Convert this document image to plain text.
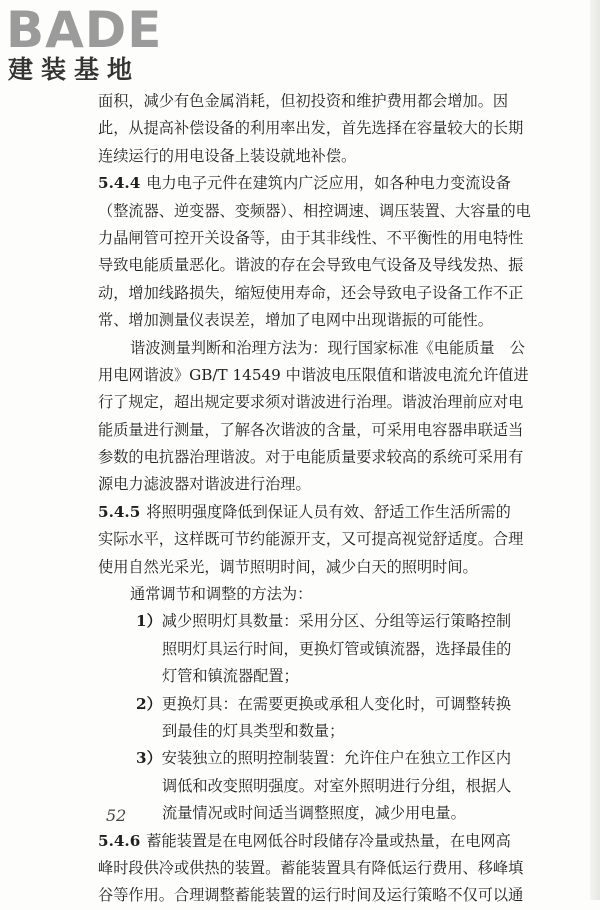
BADE
建装基地
面积，减少有色金属消耗，但初投资和维护费用都会增加。因
此，从提高补偿设备的利用率出发，首先选择在容量较大的长期
连续运行的用电设备上装设就地补偿。
5.4.4 电力电子元件在建筑内广泛应用，如各种电力变流设备
（整流器、逆变器、变频器）、相控调速、调压装置、大容量的电
力晶闸管可控开关设备等，由于其非线性、不平衡性的用电特性
导致电能质量恶化。谐波的存在会导致电气设备及导线发热、振
动，增加线路损失，缩短使用寿命，还会导致电子设备工作不正
常、增加测量仪表误差，增加了电网中出现谐振的可能性。
谐波测量判断和治理方法为：现行国家标准《电能质量　公
用电网谐波》GB/T 14549 中谐波电压限值和谐波电流允许值进
行了规定，超出规定要求须对谐波进行治理。谐波治理前应对电
能质量进行测量，了解各次谐波的含量，可采用电容器串联适当
参数的电抗器治理谐波。对于电能质量要求较高的系统可采用有
源电力滤波器对谐波进行治理。
5.4.5 将照明强度降低到保证人员有效、舒适工作生活所需的
实际水平，这样既可节约能源开支，又可提高视觉舒适度。合理
使用自然光采光，调节照明时间，减少白天的照明时间。
通常调节和调整的方法为：
1）减少照明灯具数量：采用分区、分组等运行策略控制
照明灯具运行时间，更换灯管或镇流器，选择最佳的
灯管和镇流器配置；
2）更换灯具：在需要更换或承租人变化时，可调整转换
到最佳的灯具类型和数量；
3）安装独立的照明控制装置：允许住户在独立工作区内
调低和改变照明强度。对室外照明进行分组，根据人
流量情况或时间适当调整照度，减少用电量。
5.4.6 蓄能装置是在电网低谷时段储存冷量或热量，在电网高
峰时段供冷或供热的装置。蓄能装置具有降低运行费用、移峰填
谷等作用。合理调整蓄能装置的运行时间及运行策略不仅可以通
52
